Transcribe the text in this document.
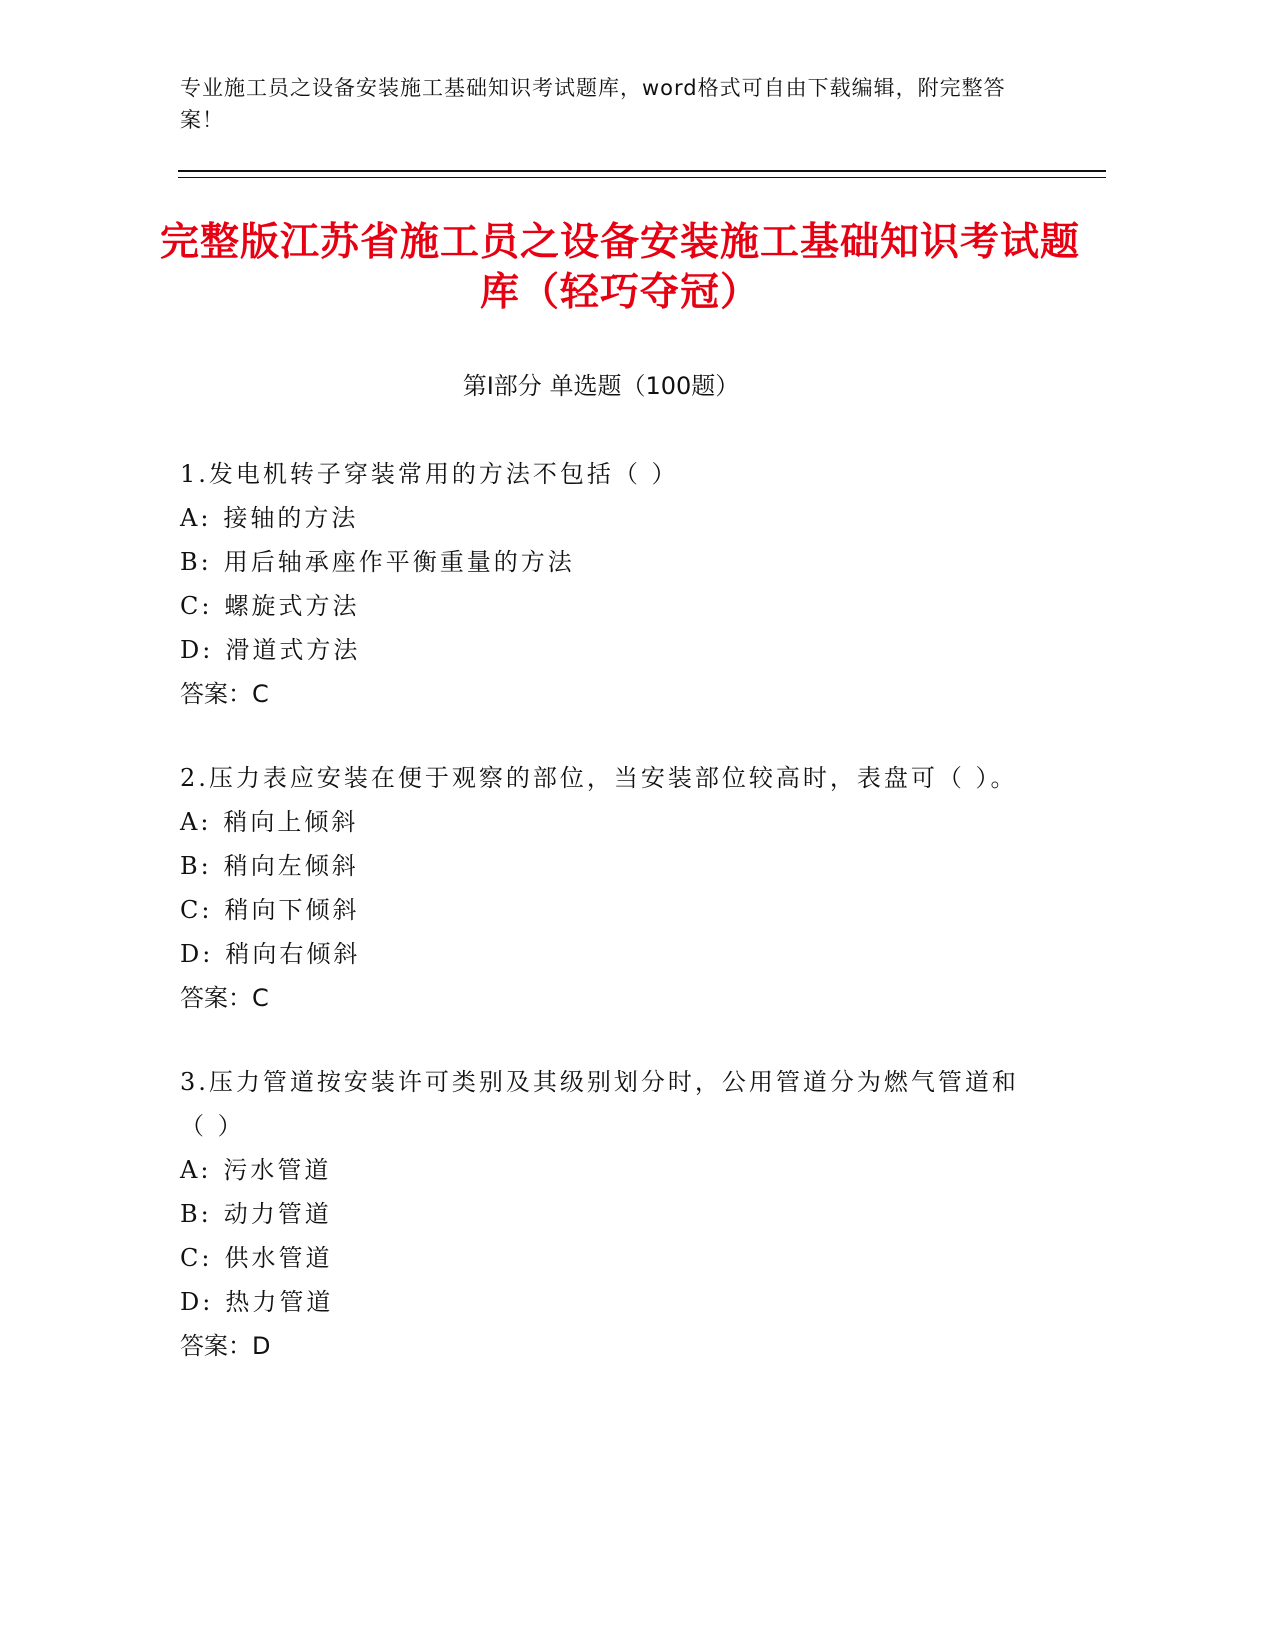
专业施工员之设备安装施工基础知识考试题库，word格式可自由下载编辑，附完整答案！
完整版江苏省施工员之设备安装施工基础知识考试题库（轻巧夺冠）
第Ⅰ部分 单选题（100题）

1.发电机转子穿装常用的方法不包括（ ）

A: 接轴的方法

B: 用后轴承座作平衡重量的方法

C: 螺旋式方法

D: 滑道式方法

答案：C

2.压力表应安装在便于观察的部位，当安装部位较高时，表盘可（ ）。

A: 稍向上倾斜

B: 稍向左倾斜

C: 稍向下倾斜

D: 稍向右倾斜

答案：C

3.压力管道按安装许可类别及其级别划分时，公用管道分为燃气管道和（ ）

A: 污水管道

B: 动力管道

C: 供水管道

D: 热力管道

答案：D
